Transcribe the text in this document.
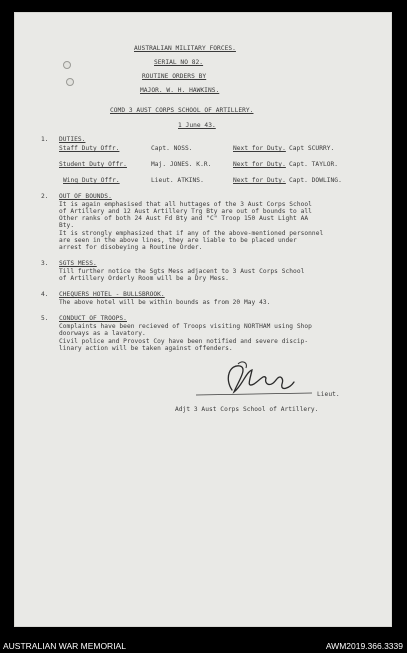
AUSTRALIAN MILITARY FORCES.
SERIAL NO 82.
ROUTINE ORDERS BY
MAJOR. W. H. HAWKINS.
COMD 3 AUST CORPS SCHOOL OF ARTILLERY.
1 June 43.
1. DUTIES.
Staff Duty Offr.	Capt. NOSS.	Next for Duty. Capt SCURRY.
Student Duty Offr.	Maj. JONES. K.R.	Next for Duty. Capt. TAYLOR.
Wing Duty Offr.	Lieut. ATKINS.	Next for Duty. Capt. DOWLING.
2. OUT OF BOUNDS.
It is again emphasised that all huttages of the 3 Aust Corps School
of Artillery and 12 Aust Artillery Trg Bty are out of bounds to all
Other ranks of both 24 Aust Fd Bty and "C" Troop 150 Aust Light AA
Bty.
It is strongly emphasized that if any of the above-mentioned personnel
are seen in the above lines, they are liable to be placed under
arrest for disobeying a Routine Order.
3. SGTS MESS.
Till further notice the Sgts Mess adjacent to 3 Aust Corps School
of Artillery Orderly Room will be a Dry Mess.
4. CHEQUERS HOTEL - BULLSBROOK.
The above hotel will be within bounds as from 20 May 43.
5. CONDUCT OF TROOPS.
Complaints have been recieved of Troops visiting NORTHAM using Shop
doorways as a lavatory.
Civil police and Provost Coy have been notified and severe discip-
linary action will be taken against offenders.
Lieut.
Adjt 3 Aust Corps School of Artillery.
AUSTRALIAN WAR MEMORIAL	AWM2019.366.3339
